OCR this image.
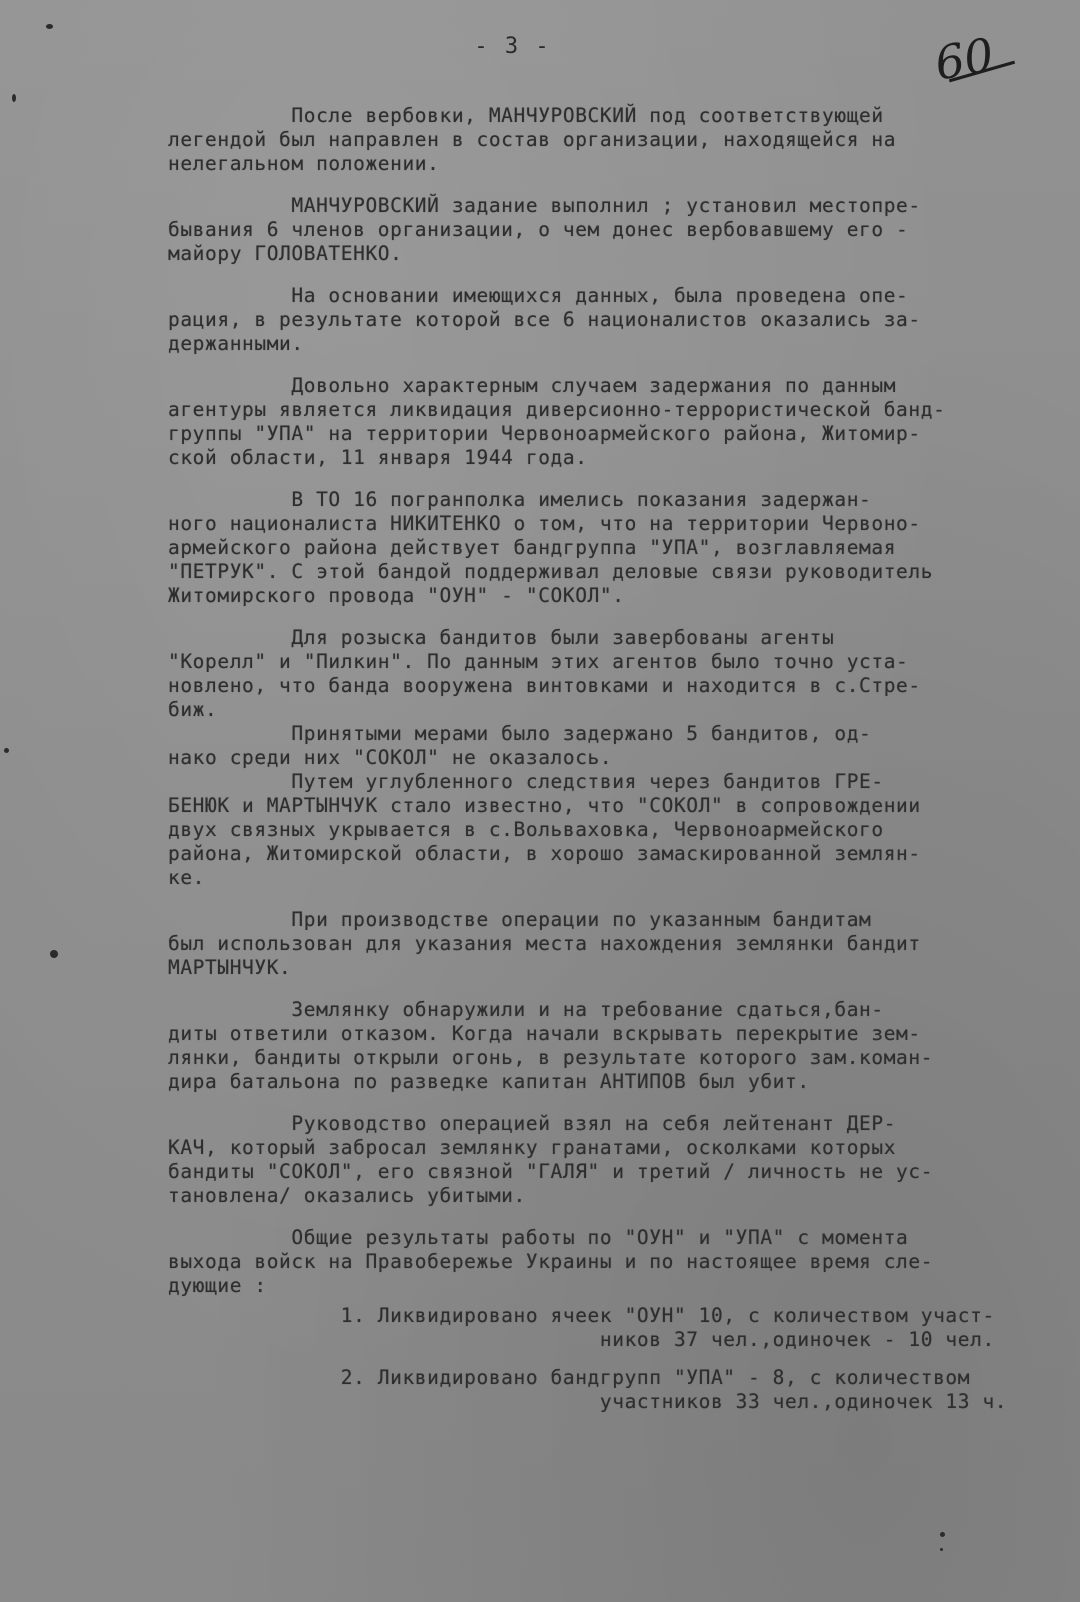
- 3 -	60

После вербовки, МАНЧУРОВСКИЙ под соответствующей
легендой был направлен в состав организации, находящейся на
нелегальном положении.

МАНЧУРОВСКИЙ задание выполнил ; установил местопре-
бывания 6 членов организации, о чем донес вербовавшему его -
майору ГОЛОВАТЕНКО.

На основании имеющихся данных, была проведена опе-
рация, в результате которой все 6 националистов оказались за-
держанными.

Довольно характерным случаем задержания по данным
агентуры является ликвидация диверсионно-террористической банд-
группы "УПА" на территории Червоноармейского района, Житомир-
ской области, 11 января 1944 года.

В ТО 16 погранполка имелись показания задержан-
ного националиста НИКИТЕНКО о том, что на территории Червоно-
армейского района действует бандгруппа "УПА", возглавляемая
"ПЕТРУК". С этой бандой поддерживал деловые связи руководитель
Житомирского провода "ОУН" - "СОКОЛ".

Для розыска бандитов были завербованы агенты
"Корелл" и "Пилкин". По данным этих агентов было точно уста-
новлено, что банда вооружена винтовками и находится в с.Стре-
биж.

Принятыми мерами было задержано 5 бандитов, од-
нако среди них "СОКОЛ" не оказалось.

Путем углубленного следствия через бандитов ГРЕ-
БЕНЮК и МАРТЫНЧУК стало известно, что "СОКОЛ" в сопровождении
двух связных укрывается в с.Вольваховка, Червоноармейского
района, Житомирской области, в хорошо замаскированной землян-
ке.

При производстве операции по указанным бандитам
был использован для указания места нахождения землянки бандит
МАРТЫНЧУК.

Землянку обнаружили и на требование сдаться,бан-
диты ответили отказом. Когда начали вскрывать перекрытие зем-
лянки, бандиты открыли огонь, в результате которого зам.коман-
дира батальона по разведке капитан АНТИПОВ был убит.

Руководство операцией взял на себя лейтенант ДЕР-
КАЧ, который забросал землянку гранатами, осколками которых
бандиты "СОКОЛ", его связной "ГАЛЯ" и третий / личность не ус-
тановлена/ оказались убитыми.

Общие результаты работы по "ОУН" и "УПА" с момента
выхода войск на Правобережье Украины и по настоящее время сле-
дующие :

1. Ликвидировано ячеек "ОУН" 10, с количеством участ-
ников 37 чел.,одиночек - 10 чел.

2. Ликвидировано бандгрупп "УПА" - 8, с количеством
участников 33 чел.,одиночек 13 ч.
